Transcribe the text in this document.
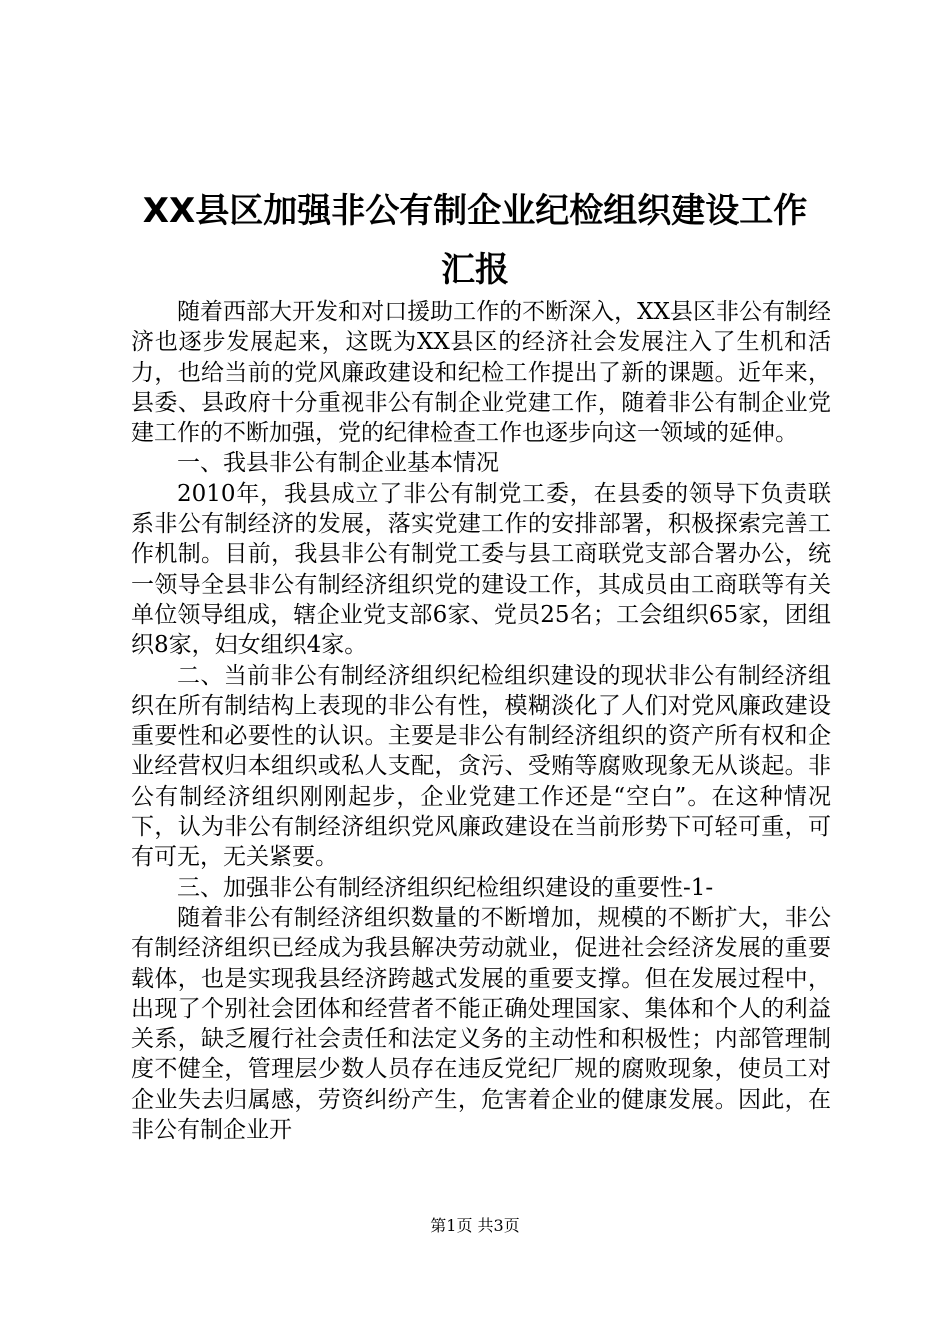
XX县区加强非公有制企业纪检组织建设工作
汇报

随着西部大开发和对口援助工作的不断深入，XX县区非公有制经济也逐步发展起来，这既为XX县区的经济社会发展注入了生机和活力，也给当前的党风廉政建设和纪检工作提出了新的课题。近年来，县委、县政府十分重视非公有制企业党建工作，随着非公有制企业党建工作的不断加强，党的纪律检查工作也逐步向这一领域的延伸。

一、我县非公有制企业基本情况

2010年，我县成立了非公有制党工委，在县委的领导下负责联系非公有制经济的发展，落实党建工作的安排部署，积极探索完善工作机制。目前，我县非公有制党工委与县工商联党支部合署办公，统一领导全县非公有制经济组织党的建设工作，其成员由工商联等有关单位领导组成，辖企业党支部6家、党员25名；工会组织65家，团组织8家，妇女组织4家。

二、当前非公有制经济组织纪检组织建设的现状非公有制经济组织在所有制结构上表现的非公有性，模糊淡化了人们对党风廉政建设重要性和必要性的认识。主要是非公有制经济组织的资产所有权和企业经营权归本组织或私人支配，贪污、受贿等腐败现象无从谈起。非公有制经济组织刚刚起步，企业党建工作还是“空白”。在这种情况下，认为非公有制经济组织党风廉政建设在当前形势下可轻可重，可有可无，无关紧要。

三、加强非公有制经济组织纪检组织建设的重要性-1-

随着非公有制经济组织数量的不断增加，规模的不断扩大，非公有制经济组织已经成为我县解决劳动就业，促进社会经济发展的重要载体，也是实现我县经济跨越式发展的重要支撑。但在发展过程中，出现了个别社会团体和经营者不能正确处理国家、集体和个人的利益关系，缺乏履行社会责任和法定义务的主动性和积极性；内部管理制度不健全，管理层少数人员存在违反党纪厂规的腐败现象，使员工对企业失去归属感，劳资纠纷产生，危害着企业的健康发展。因此，在非公有制企业开

第1页 共3页
